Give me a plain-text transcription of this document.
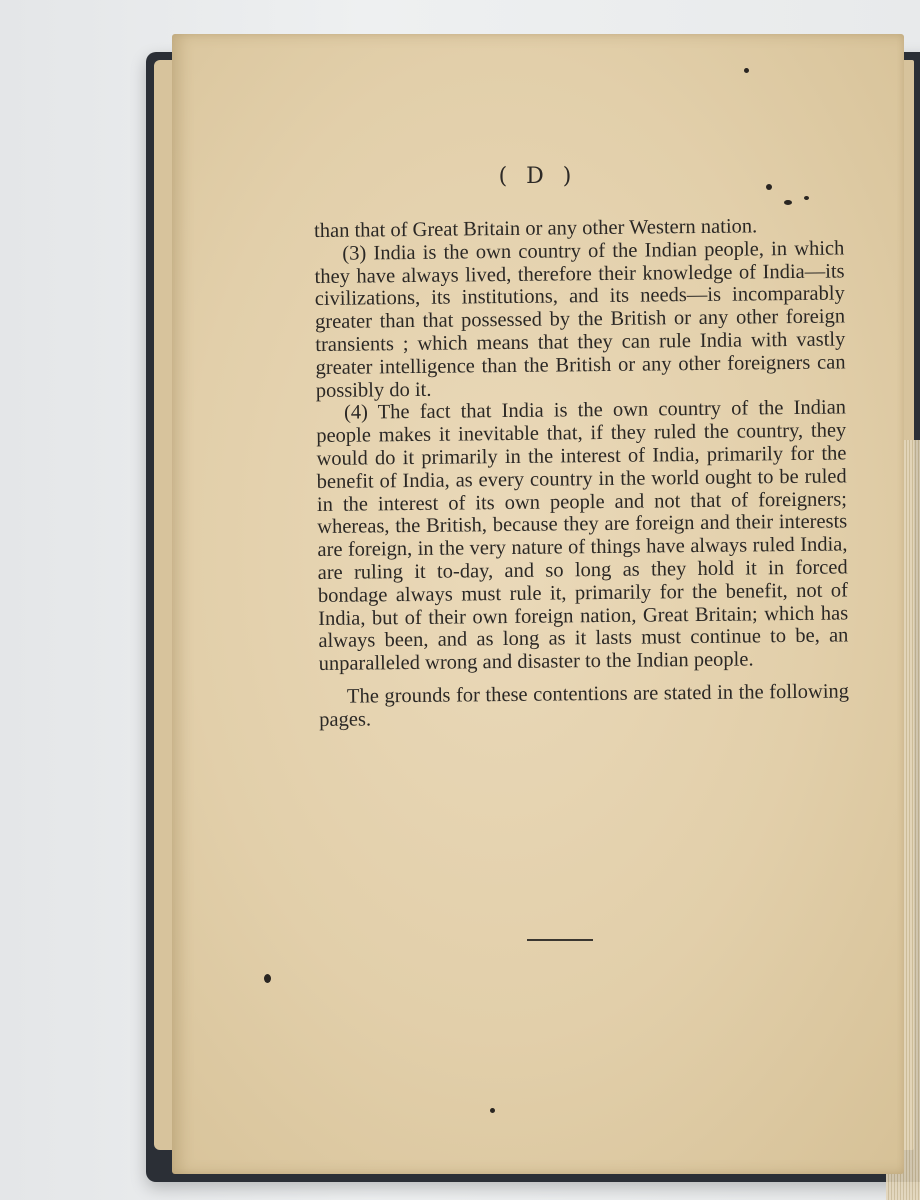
( D )

than that of Great Britain or any other Western nation.

(3) India is the own country of the Indian people, in which they have always lived, therefore their knowledge of India—its civilizations, its institutions, and its needs—is incomparably greater than that possessed by the British or any other foreign transients ; which means that they can rule India with vastly greater intelligence than the British or any other foreigners can possibly do it.

(4) The fact that India is the own country of the Indian people makes it inevitable that, if they ruled the country, they would do it primarily in the interest of India, primarily for the benefit of India, as every country in the world ought to be ruled in the interest of its own people and not that of foreigners; whereas, the British, because they are foreign and their interests are foreign, in the very nature of things have always ruled India, are ruling it to-day, and so long as they hold it in forced bondage always must rule it, primarily for the benefit, not of India, but of their own foreign nation, Great Britain; which has always been, and as long as it lasts must continue to be, an unparalleled wrong and disaster to the Indian people.

The grounds for these contentions are stated in the following pages.
